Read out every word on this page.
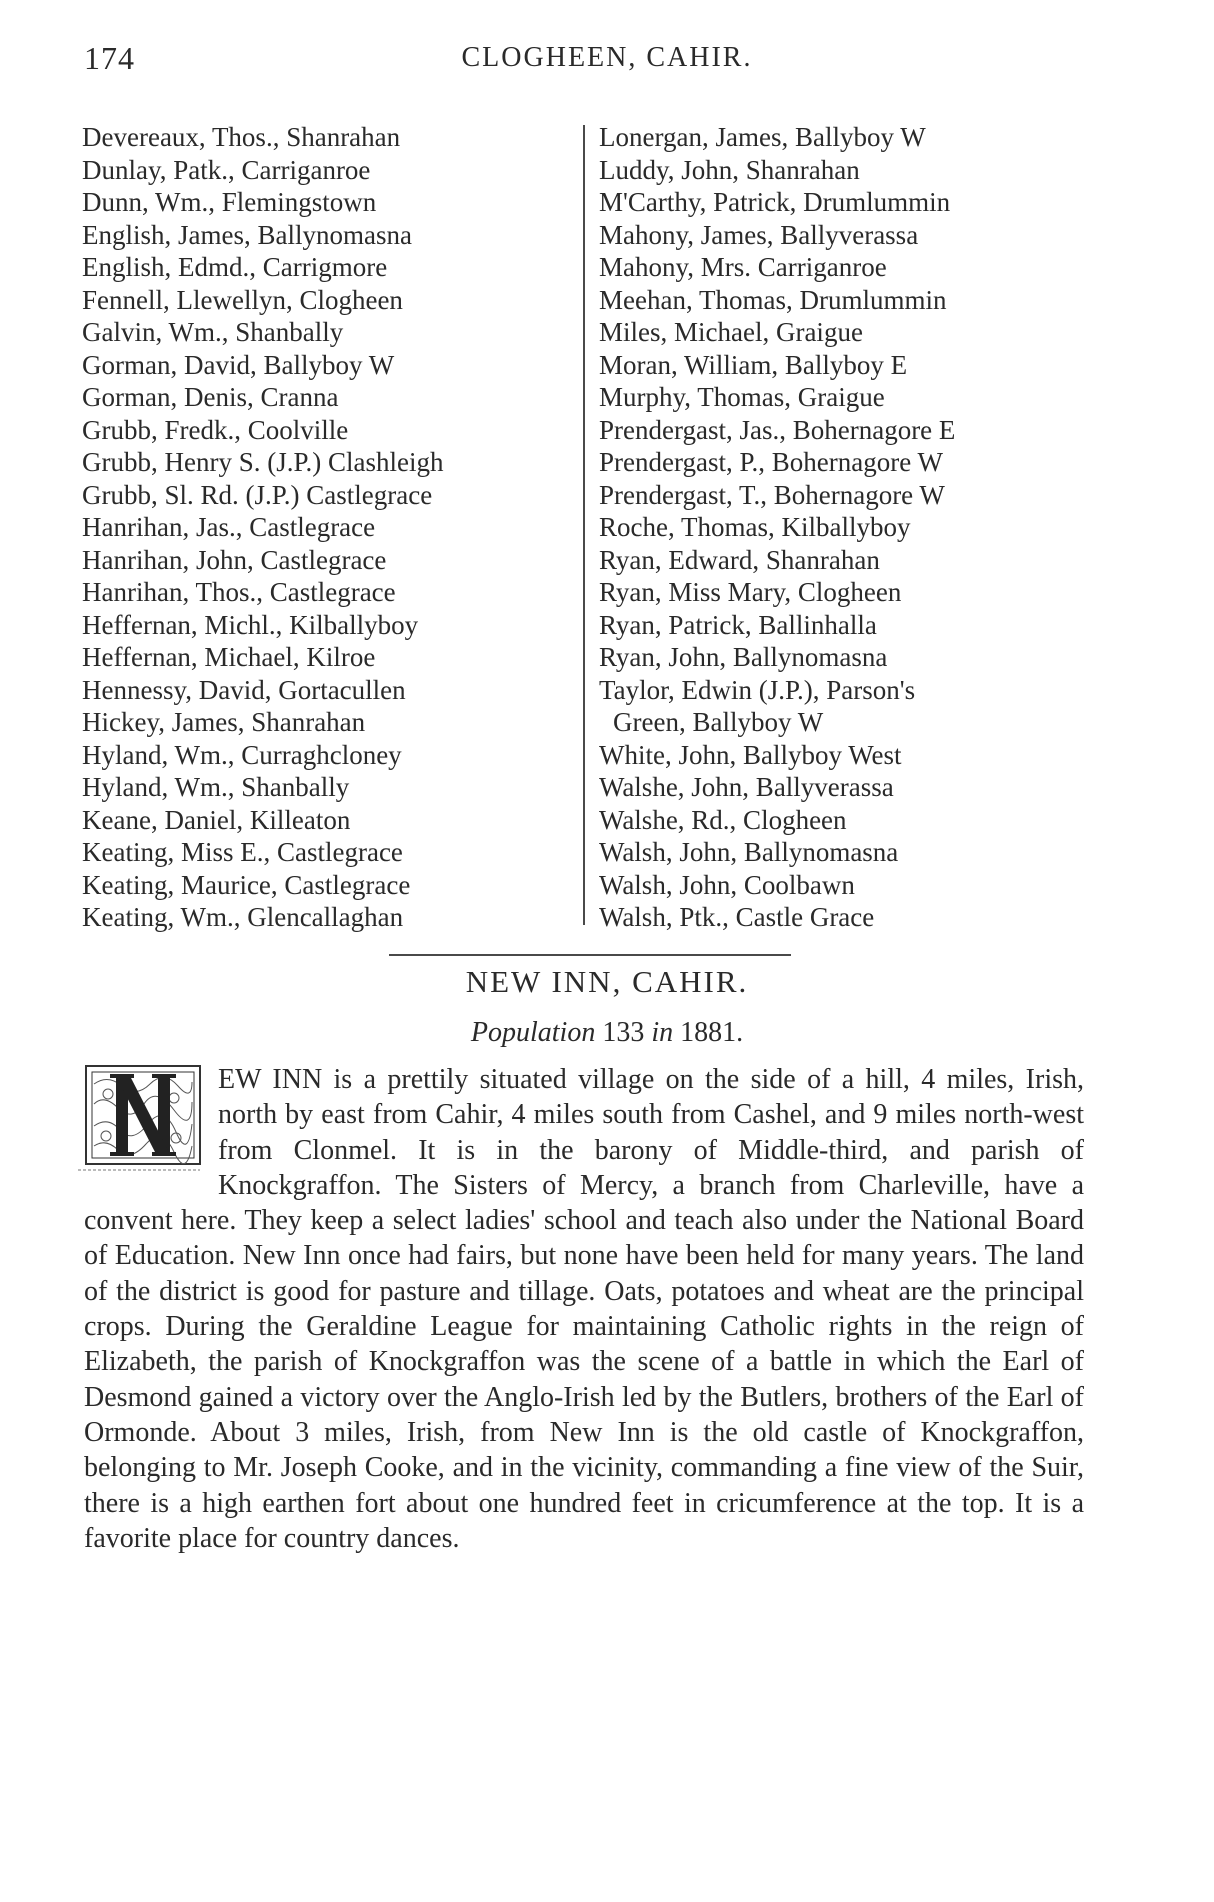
174	CLOGHEEN, CAHIR.
Devereaux, Thos., Shanrahan
Dunlay, Patk., Carriganroe
Dunn, Wm., Flemingstown
English, James, Ballynomasna
English, Edmd., Carrigmore
Fennell, Llewellyn, Clogheen
Galvin, Wm., Shanbally
Gorman, David, Ballyboy W
Gorman, Denis, Cranna
Grubb, Fredk., Coolville
Grubb, Henry S. (J.P.) Clashleigh
Grubb, Sl. Rd. (J.P.) Castlegrace
Hanrihan, Jas., Castlegrace
Hanrihan, John, Castlegrace
Hanrihan, Thos., Castlegrace
Heffernan, Michl., Kilballyboy
Heffernan, Michael, Kilroe
Hennessy, David, Gortacullen
Hickey, James, Shanrahan
Hyland, Wm., Curraghcloney
Hyland, Wm., Shanbally
Keane, Daniel, Killeaton
Keating, Miss E., Castlegrace
Keating, Maurice, Castlegrace
Keating, Wm., Glencallaghan
Lonergan, James, Ballyboy W
Luddy, John, Shanrahan
M'Carthy, Patrick, Drumlummin
Mahony, James, Ballyverassa
Mahony, Mrs. Carriganroe
Meehan, Thomas, Drumlummin
Miles, Michael, Graigue
Moran, William, Ballyboy E
Murphy, Thomas, Graigue
Prendergast, Jas., Bohernagore E
Prendergast, P., Bohernagore W
Prendergast, T., Bohernagore W
Roche, Thomas, Kilballyboy
Ryan, Edward, Shanrahan
Ryan, Miss Mary, Clogheen
Ryan, Patrick, Ballinhalla
Ryan, John, Ballynomasna
Taylor, Edwin (J.P.), Parson's
Green, Ballyboy W
White, John, Ballyboy West
Walshe, John, Ballyverassa
Walshe, Rd., Clogheen
Walsh, John, Ballynomasna
Walsh, John, Coolbawn
Walsh, Ptk., Castle Grace
NEW INN, CAHIR.
Population 133 in 1881.
EW INN is a prettily situated village on the side of a hill, 4 miles, Irish, north by east from Cahir, 4 miles south from Cashel, and 9 miles north-west from Clonmel. It is in the barony of Middle-third, and parish of Knockgraffon. The Sisters of Mercy, a branch from Charleville, have a convent here. They keep a select ladies' school and teach also under the National Board of Education. New Inn once had fairs, but none have been held for many years. The land of the district is good for pasture and tillage. Oats, potatoes and wheat are the principal crops. During the Geraldine League for maintaining Catholic rights in the reign of Elizabeth, the parish of Knockgraffon was the scene of a battle in which the Earl of Desmond gained a victory over the Anglo-Irish led by the Butlers, brothers of the Earl of Ormonde. About 3 miles, Irish, from New Inn is the old castle of Knockgraffon, belonging to Mr. Joseph Cooke, and in the vicinity, commanding a fine view of the Suir, there is a high earthen fort about one hundred feet in cricumference at the top. It is a favorite place for country dances.
